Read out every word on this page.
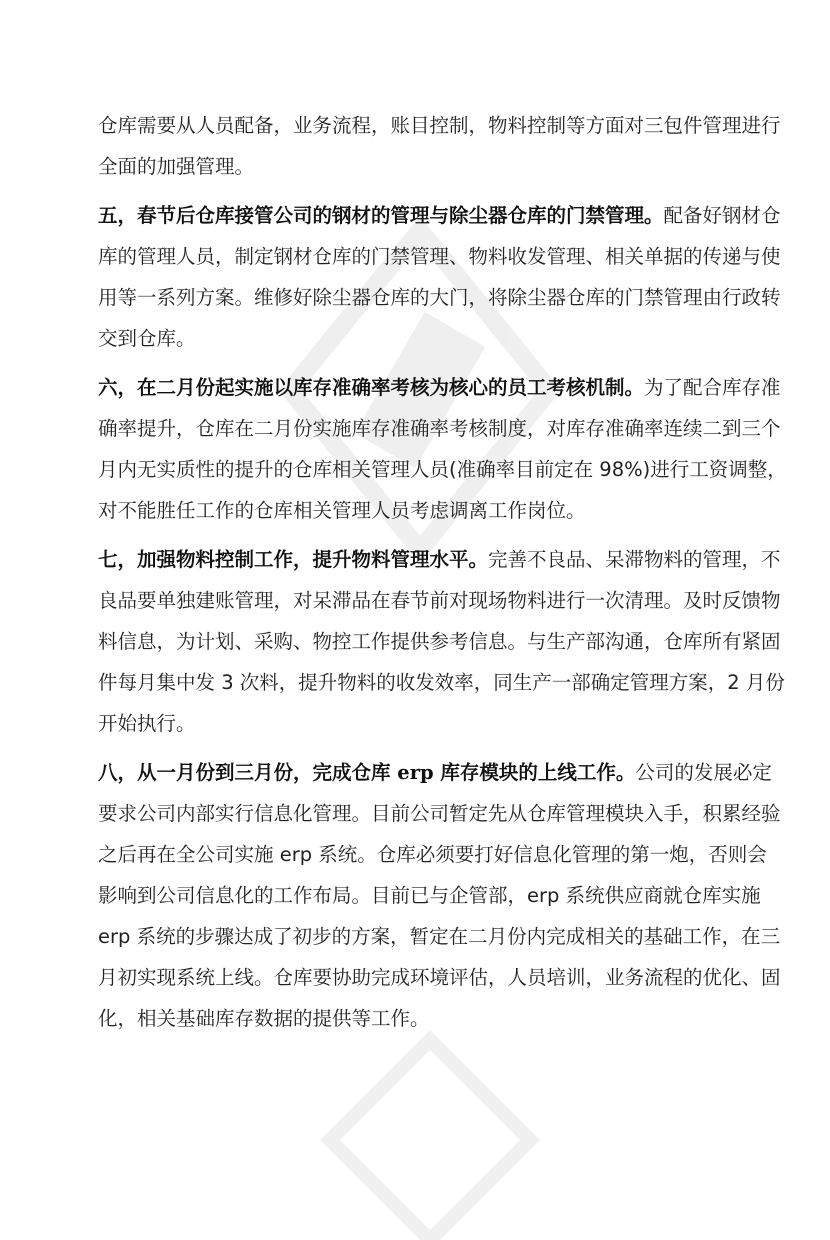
仓库需要从人员配备，业务流程，账目控制，物料控制等方面对三包件管理进行
全面的加强管理。
五，春节后仓库接管公司的钢材的管理与除尘器仓库的门禁管理。配备好钢材仓
库的管理人员，制定钢材仓库的门禁管理、物料收发管理、相关单据的传递与使
用等一系列方案。维修好除尘器仓库的大门，将除尘器仓库的门禁管理由行政转
交到仓库。
六，在二月份起实施以库存准确率考核为核心的员工考核机制。为了配合库存准
确率提升，仓库在二月份实施库存准确率考核制度，对库存准确率连续二到三个
月内无实质性的提升的仓库相关管理人员(准确率目前定在 98%)进行工资调整，
对不能胜任工作的仓库相关管理人员考虑调离工作岗位。
七，加强物料控制工作，提升物料管理水平。完善不良品、呆滞物料的管理，不
良品要单独建账管理，对呆滞品在春节前对现场物料进行一次清理。及时反馈物
料信息，为计划、采购、物控工作提供参考信息。与生产部沟通，仓库所有紧固
件每月集中发 3 次料，提升物料的收发效率，同生产一部确定管理方案，2 月份
开始执行。
八，从一月份到三月份，完成仓库 erp 库存模块的上线工作。公司的发展必定
要求公司内部实行信息化管理。目前公司暂定先从仓库管理模块入手，积累经验
之后再在全公司实施 erp 系统。仓库必须要打好信息化管理的第一炮，否则会
影响到公司信息化的工作布局。目前已与企管部，erp 系统供应商就仓库实施
erp 系统的步骤达成了初步的方案，暂定在二月份内完成相关的基础工作，在三
月初实现系统上线。仓库要协助完成环境评估，人员培训，业务流程的优化、固
化，相关基础库存数据的提供等工作。
